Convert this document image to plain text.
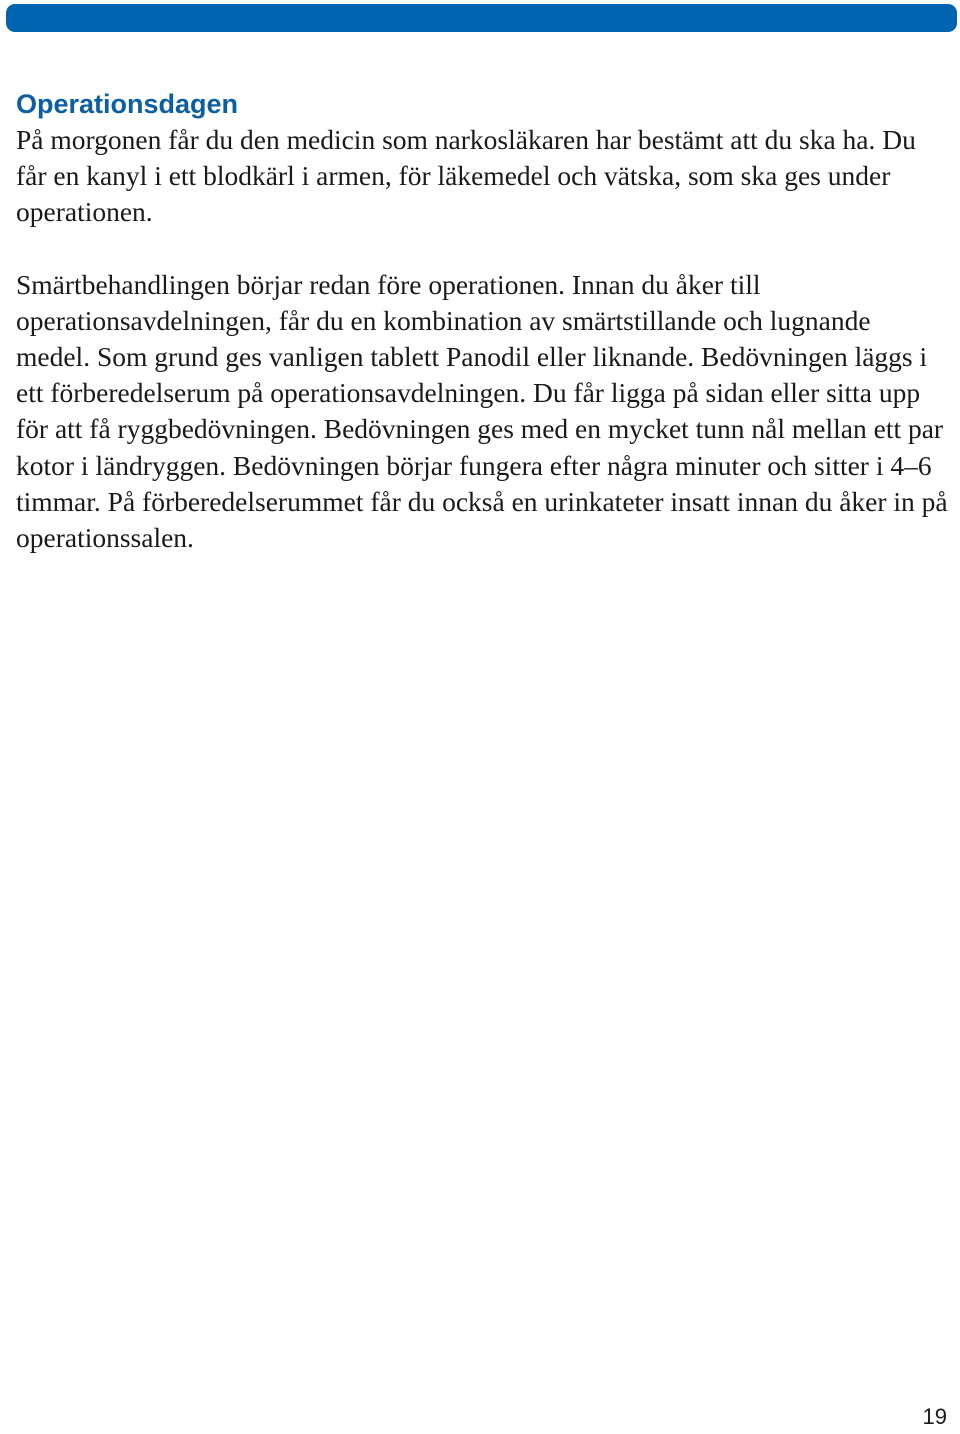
Operationsdagen

På morgonen får du den medicin som narkosläkaren har bestämt att du ska ha. Du får en kanyl i ett blodkärl i armen, för läkemedel och vätska, som ska ges under operationen.

Smärtbehandlingen börjar redan före operationen. Innan du åker till operationsavdelningen, får du en kombination av smärtstillande och lugnande medel. Som grund ges vanligen tablett Panodil eller liknande. Bedövningen läggs i ett förberedelserum på operationsavdelningen. Du får ligga på sidan eller sitta upp för att få ryggbedövningen. Bedövningen ges med en mycket tunn nål mellan ett par kotor i ländryggen. Bedövningen börjar fungera efter några minuter och sitter i 4–6 timmar. På förberedelserummet får du också en urinkateter insatt innan du åker in på operationssalen.

19
